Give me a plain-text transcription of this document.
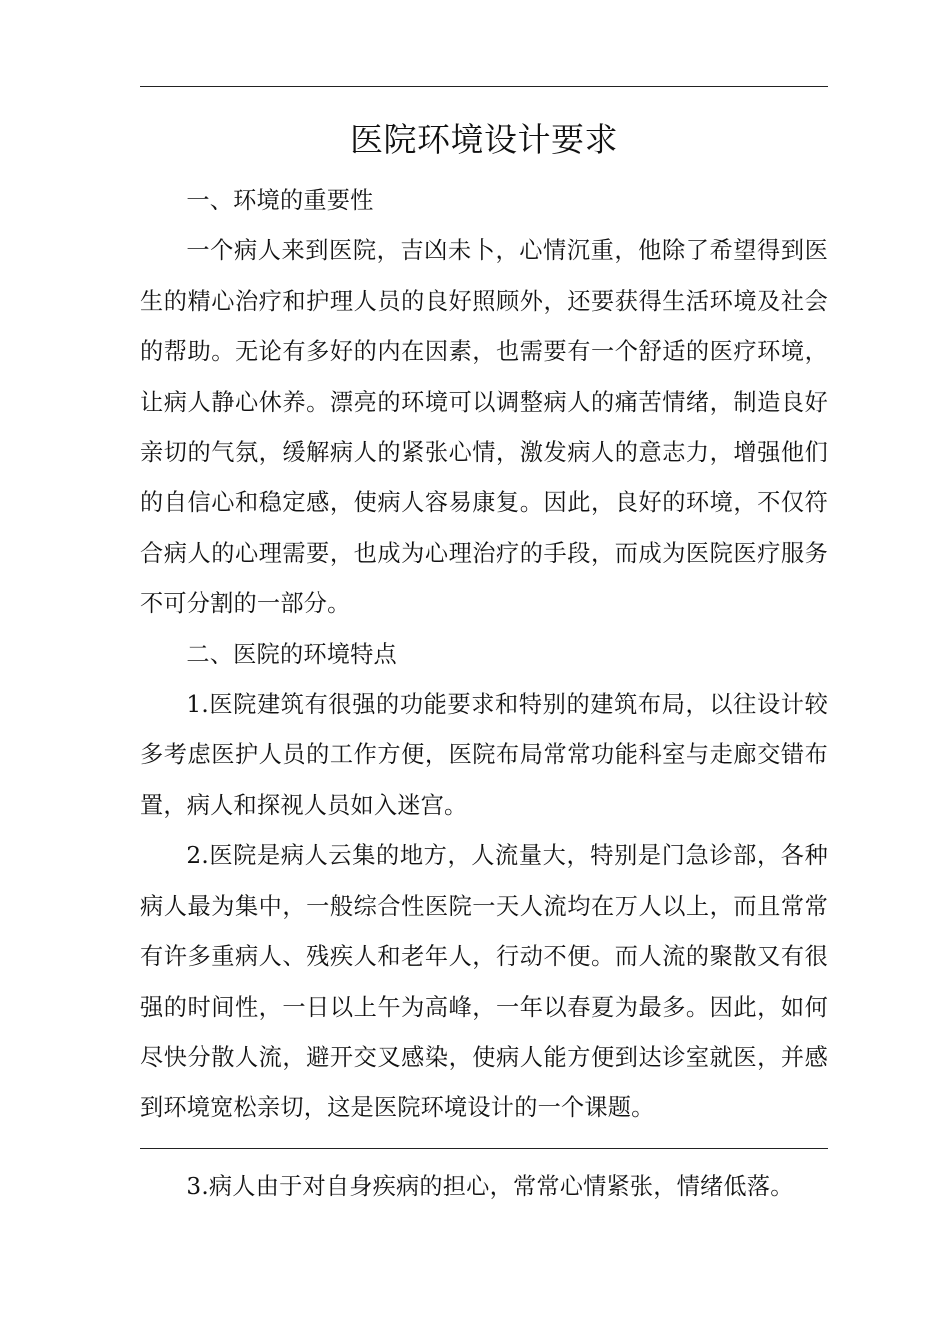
医院环境设计要求

一、环境的重要性

一个病人来到医院，吉凶未卜，心情沉重，他除了希望得到医生的精心治疗和护理人员的良好照顾外，还要获得生活环境及社会的帮助。无论有多好的内在因素，也需要有一个舒适的医疗环境，让病人静心休养。漂亮的环境可以调整病人的痛苦情绪，制造良好亲切的气氛，缓解病人的紧张心情，激发病人的意志力，增强他们的自信心和稳定感，使病人容易康复。因此，良好的环境，不仅符合病人的心理需要，也成为心理治疗的手段，而成为医院医疗服务不可分割的一部分。

二、医院的环境特点

1.医院建筑有很强的功能要求和特别的建筑布局，以往设计较多考虑医护人员的工作方便，医院布局常常功能科室与走廊交错布置，病人和探视人员如入迷宫。

2.医院是病人云集的地方，人流量大，特别是门急诊部，各种病人最为集中，一般综合性医院一天人流均在万人以上，而且常常有许多重病人、残疾人和老年人，行动不便。而人流的聚散又有很强的时间性，一日以上午为高峰，一年以春夏为最多。因此，如何尽快分散人流，避开交叉感染，使病人能方便到达诊室就医，并感到环境宽松亲切，这是医院环境设计的一个课题。

3.病人由于对自身疾病的担心，常常心情紧张，情绪低落。
